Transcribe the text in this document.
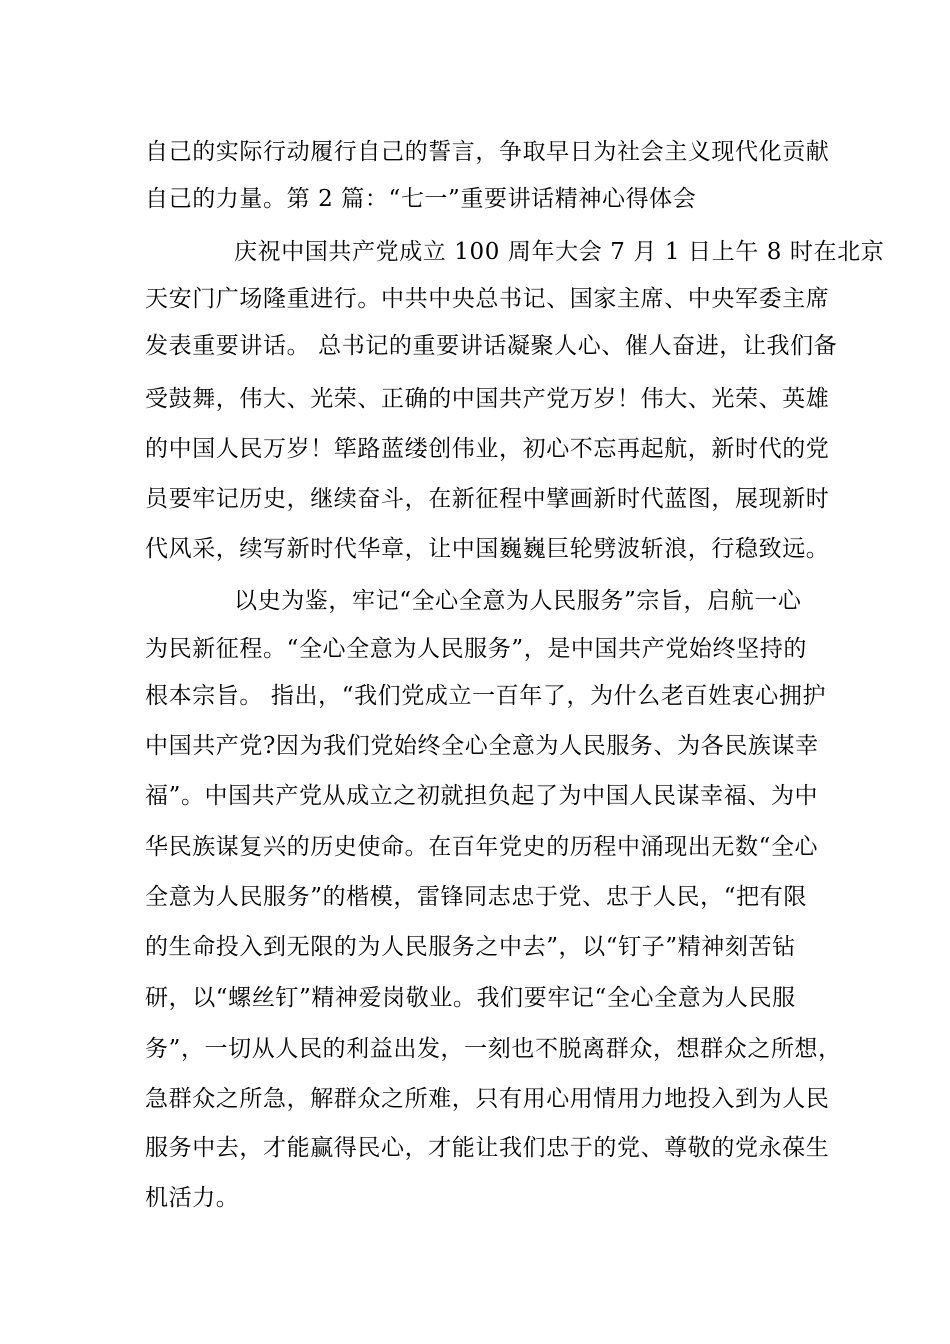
自己的实际行动履行自己的誓言，争取早日为社会主义现代化贡献
自己的力量。第 2 篇：“七一”重要讲话精神心得体会
庆祝中国共产党成立 100 周年大会 7 月 1 日上午 8 时在北京
天安门广场隆重进行。中共中央总书记、国家主席、中央军委主席
发表重要讲话。 总书记的重要讲话凝聚人心、催人奋进，让我们备
受鼓舞，伟大、光荣、正确的中国共产党万岁！伟大、光荣、英雄
的中国人民万岁！筚路蓝缕创伟业，初心不忘再起航，新时代的党
员要牢记历史，继续奋斗，在新征程中擘画新时代蓝图，展现新时
代风采，续写新时代华章，让中国巍巍巨轮劈波斩浪，行稳致远。
以史为鉴，牢记“全心全意为人民服务”宗旨，启航一心
为民新征程。“全心全意为人民服务”，是中国共产党始终坚持的
根本宗旨。 指出，“我们党成立一百年了，为什么老百姓衷心拥护
中国共产党?因为我们党始终全心全意为人民服务、为各民族谋幸
福”。中国共产党从成立之初就担负起了为中国人民谋幸福、为中
华民族谋复兴的历史使命。在百年党史的历程中涌现出无数“全心
全意为人民服务”的楷模，雷锋同志忠于党、忠于人民，“把有限
的生命投入到无限的为人民服务之中去”，以“钉子”精神刻苦钻
研，以“螺丝钉”精神爱岗敬业。我们要牢记“全心全意为人民服
务”，一切从人民的利益出发，一刻也不脱离群众，想群众之所想，
急群众之所急，解群众之所难，只有用心用情用力地投入到为人民
服务中去，才能赢得民心，才能让我们忠于的党、尊敬的党永葆生
机活力。
